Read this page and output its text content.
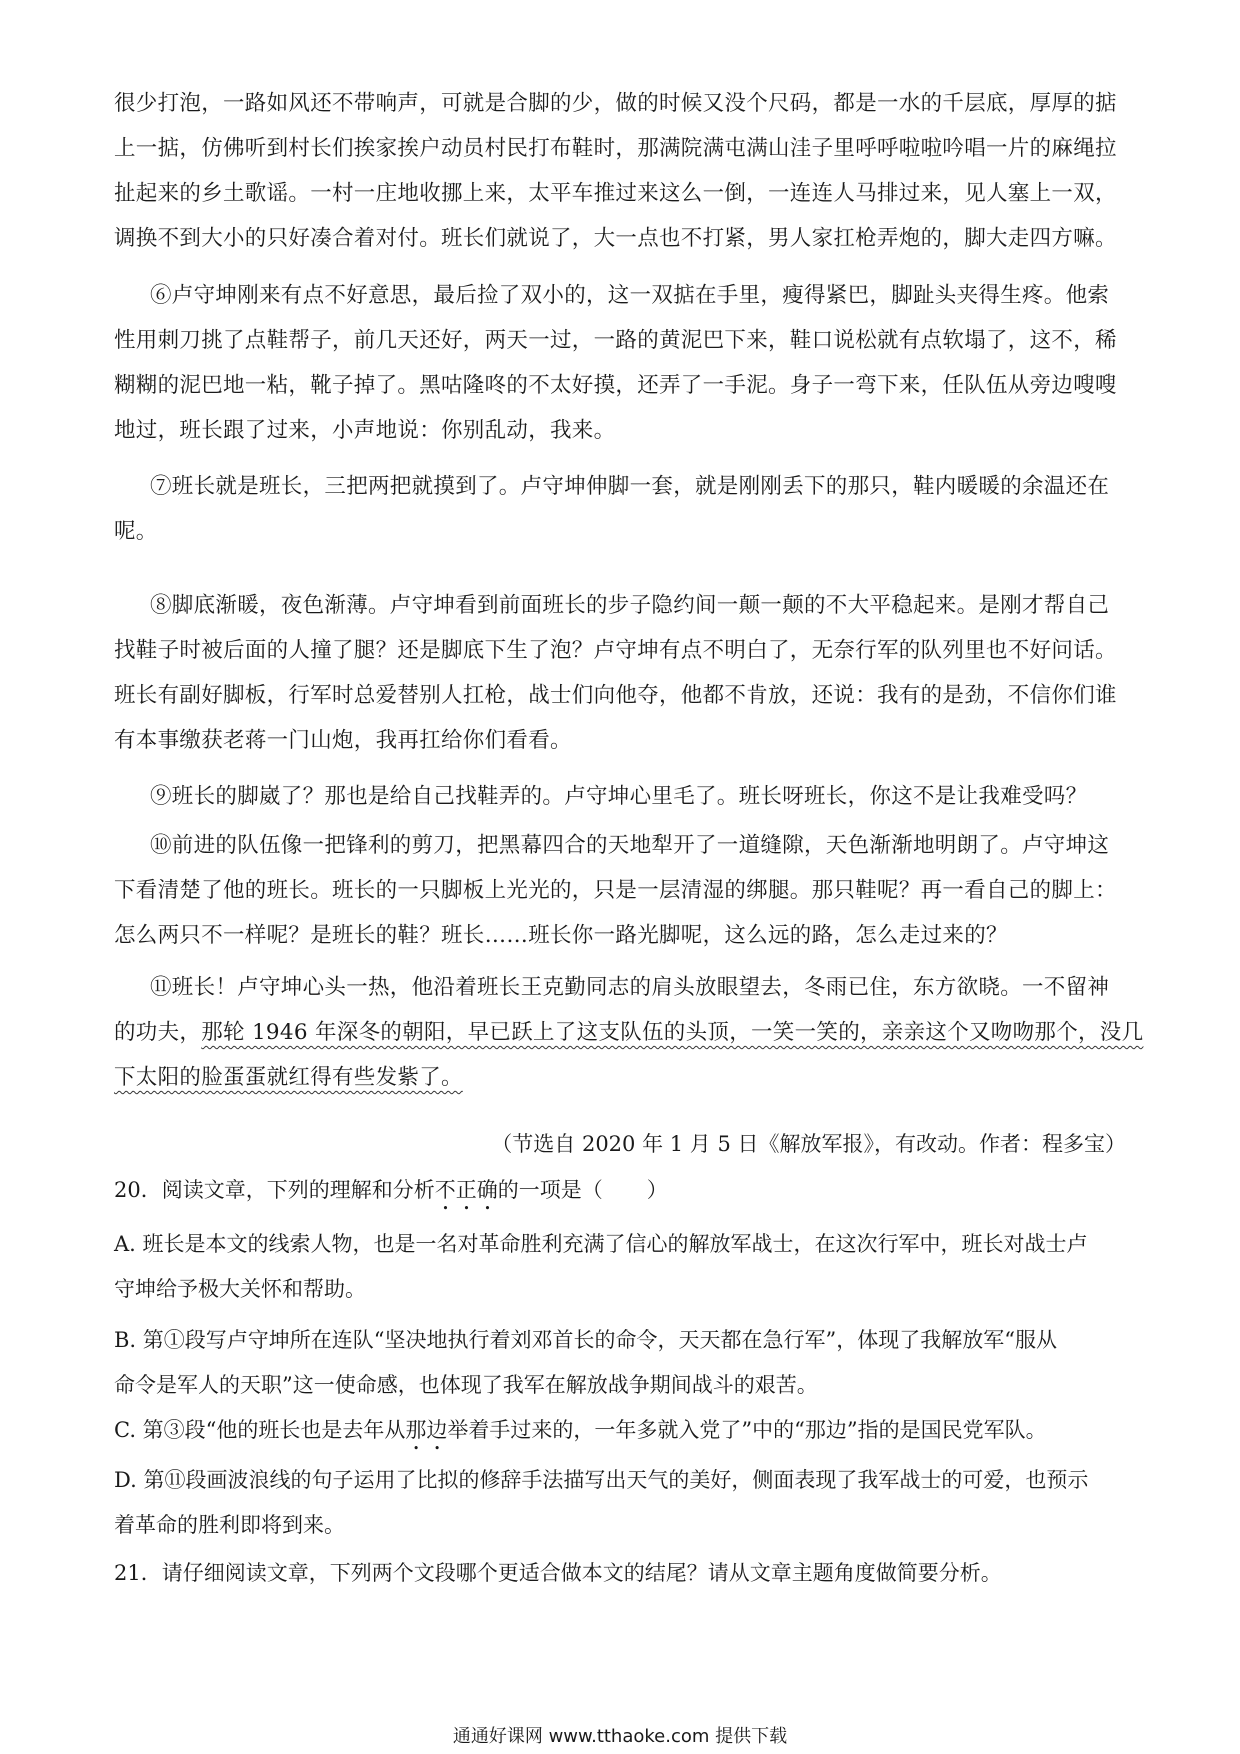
很少打泡，一路如风还不带响声，可就是合脚的少，做的时候又没个尺码，都是一水的千层底，厚厚的掂
上一掂，仿佛听到村长们挨家挨户动员村民打布鞋时，那满院满屯满山洼子里呼呼啦啦吟唱一片的麻绳拉
扯起来的乡土歌谣。一村一庄地收挪上来，太平车推过来这么一倒，一连连人马排过来，见人塞上一双，
调换不到大小的只好凑合着对付。班长们就说了，大一点也不打紧，男人家扛枪弄炮的，脚大走四方嘛。

⑥卢守坤刚来有点不好意思，最后捡了双小的，这一双掂在手里，瘦得紧巴，脚趾头夹得生疼。他索
性用刺刀挑了点鞋帮子，前几天还好，两天一过，一路的黄泥巴下来，鞋口说松就有点软塌了，这不，稀
糊糊的泥巴地一粘，靴子掉了。黑咕隆咚的不太好摸，还弄了一手泥。身子一弯下来，任队伍从旁边嗖嗖
地过，班长跟了过来，小声地说：你别乱动，我来。

⑦班长就是班长，三把两把就摸到了。卢守坤伸脚一套，就是刚刚丢下的那只，鞋内暖暖的余温还在
呢。

⑧脚底渐暖，夜色渐薄。卢守坤看到前面班长的步子隐约间一颠一颠的不大平稳起来。是刚才帮自己
找鞋子时被后面的人撞了腿？还是脚底下生了泡？卢守坤有点不明白了，无奈行军的队列里也不好问话。
班长有副好脚板，行军时总爱替别人扛枪，战士们向他夺，他都不肯放，还说：我有的是劲，不信你们谁
有本事缴获老蒋一门山炮，我再扛给你们看看。

⑨班长的脚崴了？那也是给自己找鞋弄的。卢守坤心里毛了。班长呀班长，你这不是让我难受吗？

⑩前进的队伍像一把锋利的剪刀，把黑幕四合的天地犁开了一道缝隙，天色渐渐地明朗了。卢守坤这
下看清楚了他的班长。班长的一只脚板上光光的，只是一层清湿的绑腿。那只鞋呢？再一看自己的脚上：
怎么两只不一样呢？是班长的鞋？班长……班长你一路光脚呢，这么远的路，怎么走过来的？

⑪班长！卢守坤心头一热，他沿着班长王克勤同志的肩头放眼望去，冬雨已住，东方欲晓。一不留神
的功夫，那轮 1946 年深冬的朝阳，早已跃上了这支队伍的头顶，一笑一笑的，亲亲这个又吻吻那个，没几
下太阳的脸蛋蛋就红得有些发紫了。

（节选自 2020 年 1 月 5 日《解放军报》，有改动。作者：程多宝）

20．阅读文章，下列的理解和分析不正确的一项是（ ）

A. 班长是本文的线索人物，也是一名对革命胜利充满了信心的解放军战士，在这次行军中，班长对战士卢
守坤给予极大关怀和帮助。

B. 第①段写卢守坤所在连队“坚决地执行着刘邓首长的命令，天天都在急行军”，体现了我解放军“服从
命令是军人的天职”这一使命感，也体现了我军在解放战争期间战斗的艰苦。

C. 第③段“他的班长也是去年从那边举着手过来的，一年多就入党了”中的“那边”指的是国民党军队。

D. 第⑪段画波浪线的句子运用了比拟的修辞手法描写出天气的美好，侧面表现了我军战士的可爱，也预示
着革命的胜利即将到来。

21．请仔细阅读文章，下列两个文段哪个更适合做本文的结尾？请从文章主题角度做简要分析。

通通好课网 www.tthaoke.com 提供下载
